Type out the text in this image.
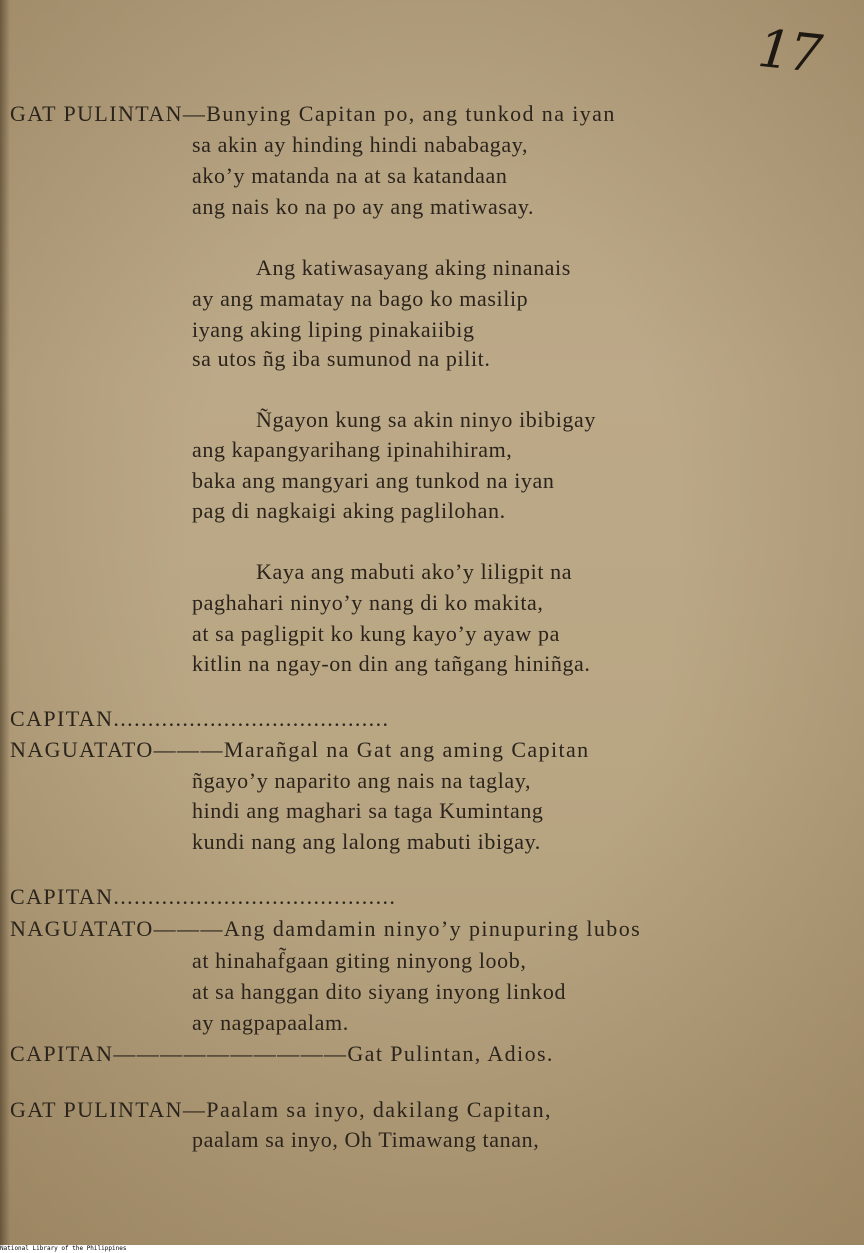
17
GAT PULINTAN—Bunying Capitan po, ang tunkod na iyan
sa akin ay hinding hindi nababagay,
ako’y matanda na at sa katandaan
ang nais ko na po ay ang matiwasay.
Ang katiwasayang aking ninanais
ay ang mamatay na bago ko masilip
iyang aking liping pinakaiibig
sa utos ñg iba sumunod na pilit.
Ñgayon kung sa akin ninyo ibibigay
ang kapangyarihang ipinahihiram,
baka ang mangyari ang tunkod na iyan
pag di nagkaigi aking paglilohan.
Kaya ang mabuti ako’y liligpit na
paghahari ninyo’y nang di ko makita,
at sa pagligpit ko kung kayo’y ayaw pa
kitlin na ngay-on din ang tañgang hiniñga.
CAPITAN........................................
NAGUATATO———Marañgal na Gat ang aming Capitan
ñgayo’y naparito ang nais na taglay,
hindi ang maghari sa taga Kumintang
kundi nang ang lalong mabuti ibigay.
CAPITAN.........................................
NAGUATATO———Ang damdamin ninyo’y pinupuring lubos
at hinahaf̃gaan giting ninyong loob,
at sa hanggan dito siyang inyong linkod
ay nagpapaalam.
CAPITAN——————————Gat Pulintan, Adios.
GAT PULINTAN—Paalam sa inyo, dakilang Capitan,
paalam sa inyo, Oh Timawang tanan,
National Library of the Philippines
